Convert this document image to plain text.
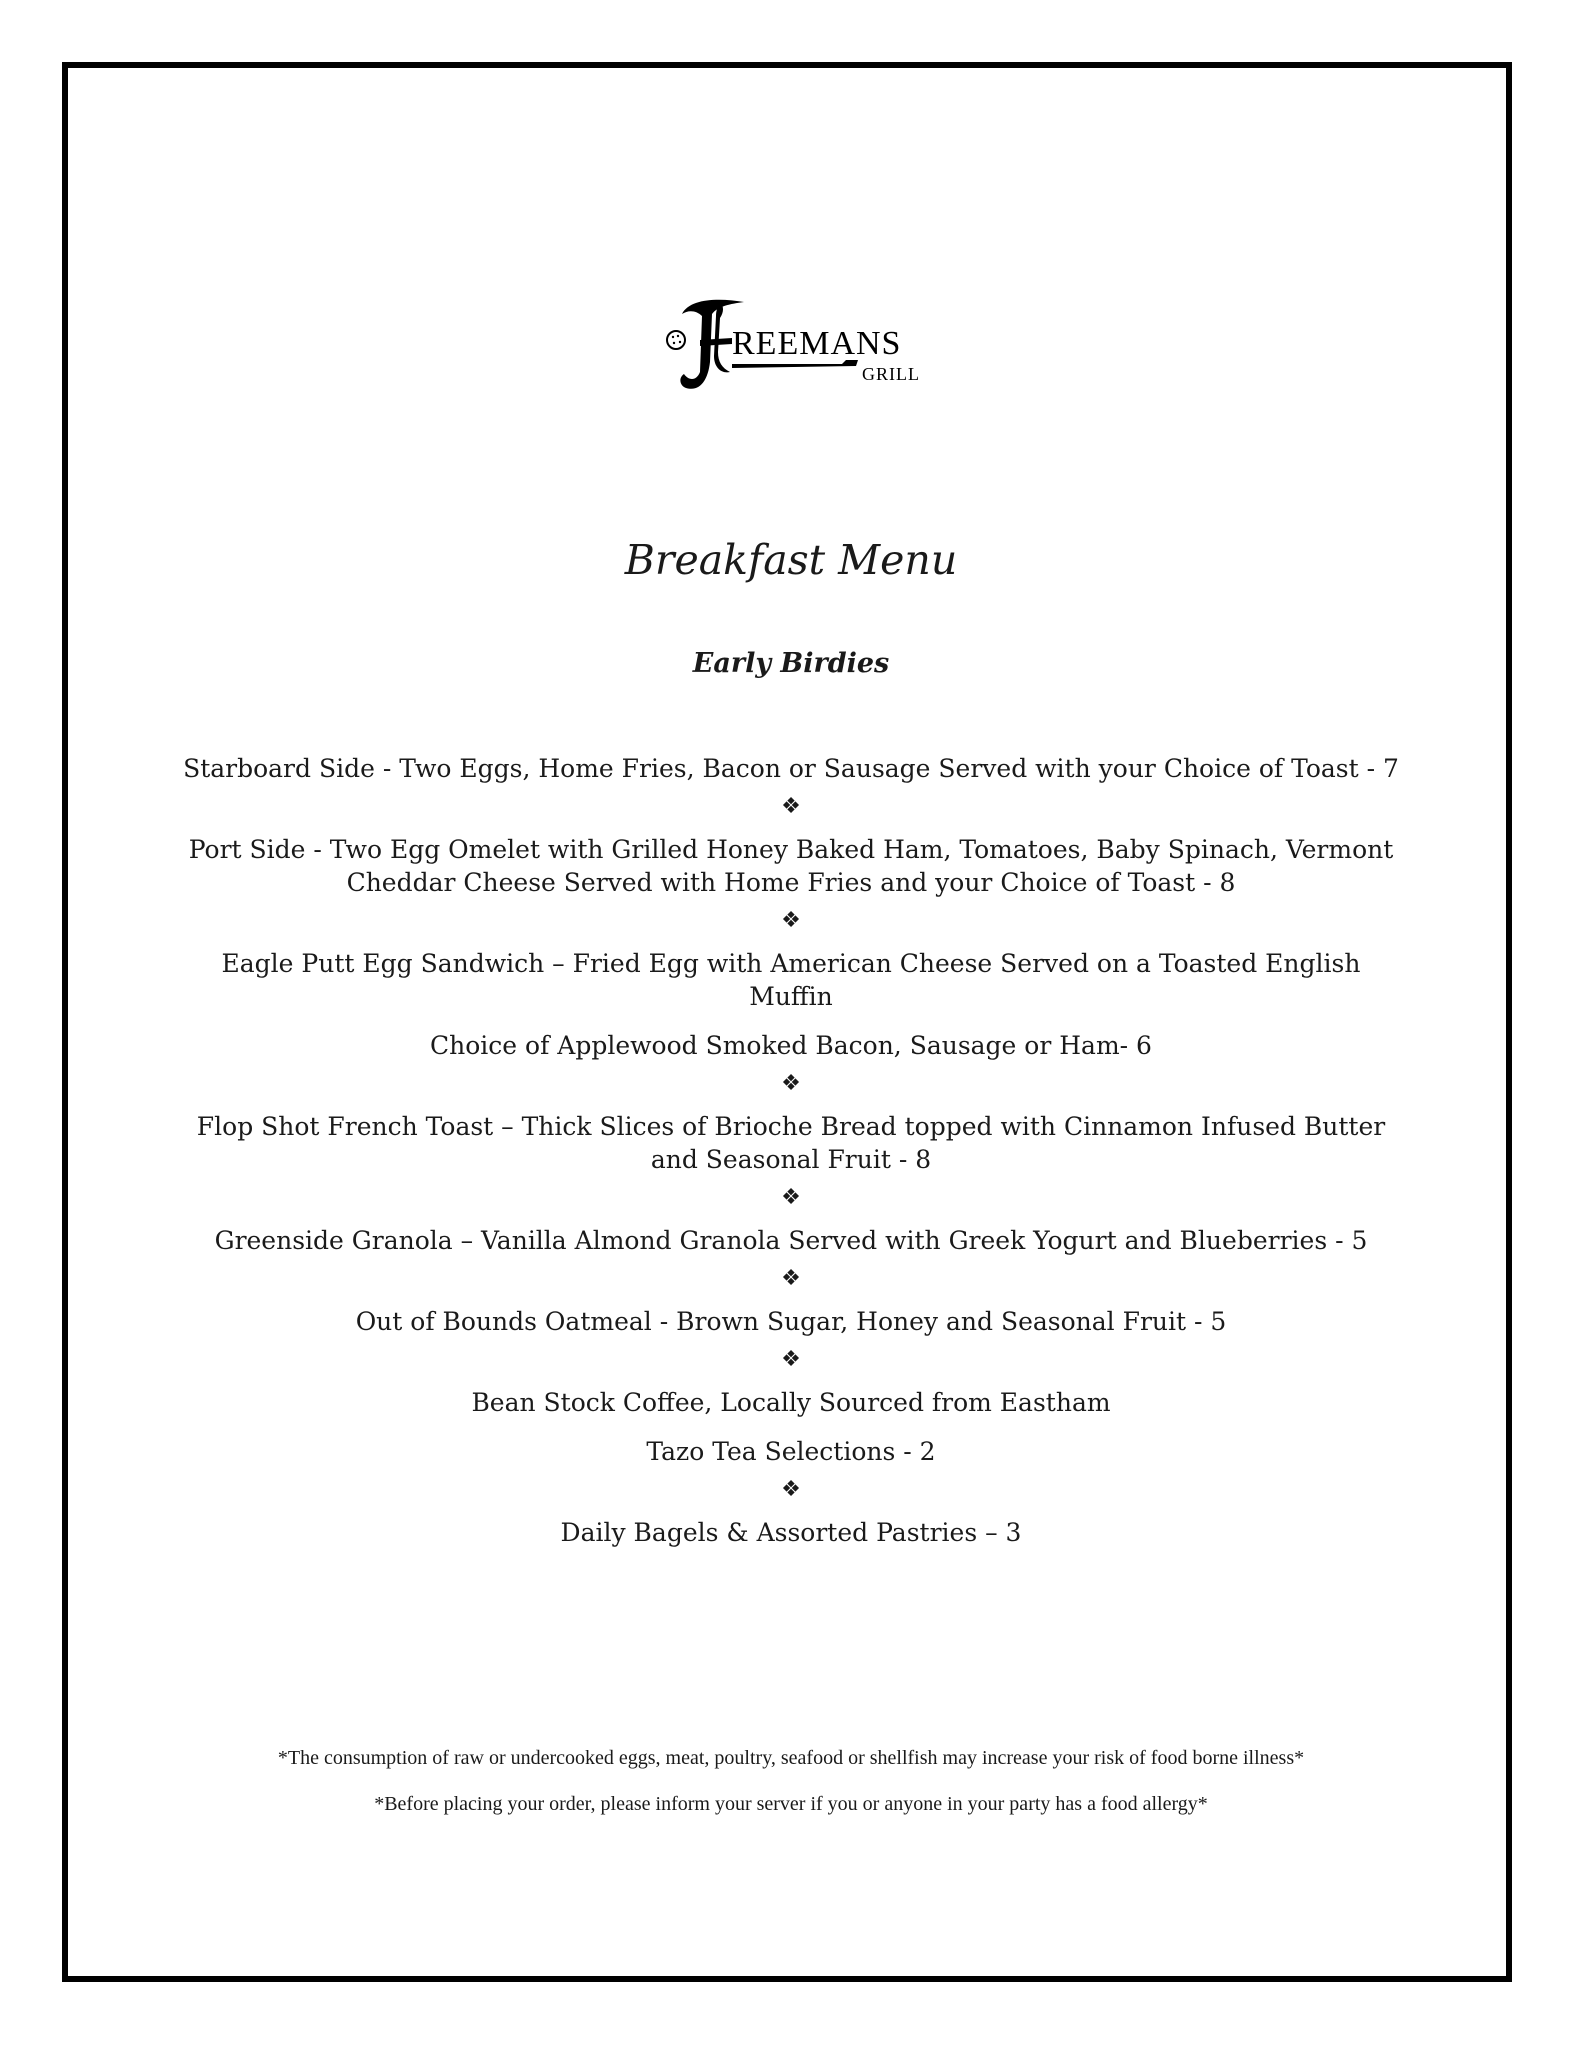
REEMANS
GRILL
Breakfast Menu
Early Birdies

Starboard Side - Two Eggs, Home Fries, Bacon or Sausage Served with your Choice of Toast - 7

❖

Port Side - Two Egg Omelet with Grilled Honey Baked Ham, Tomatoes, Baby Spinach, Vermont Cheddar Cheese Served with Home Fries and your Choice of Toast - 8

❖

Eagle Putt Egg Sandwich – Fried Egg with American Cheese Served on a Toasted English Muffin

Choice of Applewood Smoked Bacon, Sausage or Ham- 6

❖

Flop Shot French Toast – Thick Slices of Brioche Bread topped with Cinnamon Infused Butter and Seasonal Fruit - 8

❖

Greenside Granola – Vanilla Almond Granola Served with Greek Yogurt and Blueberries - 5

❖

Out of Bounds Oatmeal - Brown Sugar, Honey and Seasonal Fruit - 5

❖

Bean Stock Coffee, Locally Sourced from Eastham

Tazo Tea Selections - 2

❖

Daily Bagels & Assorted Pastries – 3

*The consumption of raw or undercooked eggs, meat, poultry, seafood or shellfish may increase your risk of food borne illness*

*Before placing your order, please inform your server if you or anyone in your party has a food allergy*
